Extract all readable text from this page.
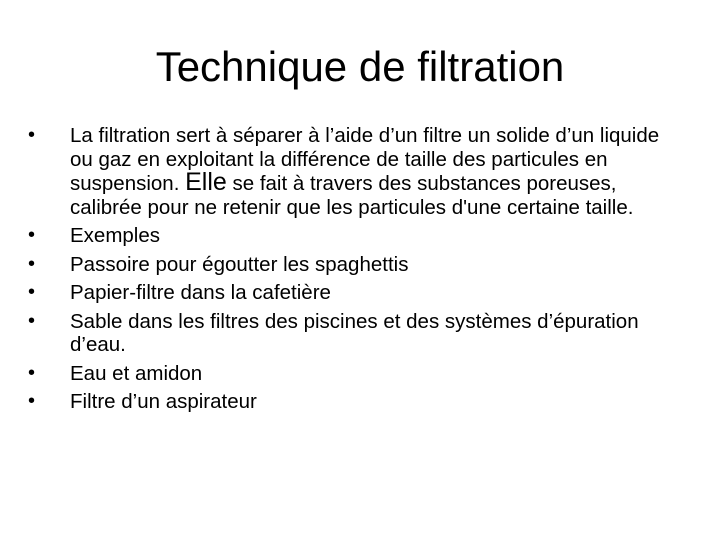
Technique de filtration
•	La filtration sert à séparer à l’aide d’un filtre un solide d’un liquide ou gaz en exploitant la différence de taille des particules en suspension. Elle se fait à travers des substances poreuses, calibrée pour ne retenir que les particules d'une certaine taille.
•	Exemples
•	Passoire pour égoutter les spaghettis
•	Papier-filtre dans la cafetière
•	Sable dans les filtres des piscines et des systèmes d’épuration d’eau.
•	Eau et amidon
•	Filtre d’un aspirateur
